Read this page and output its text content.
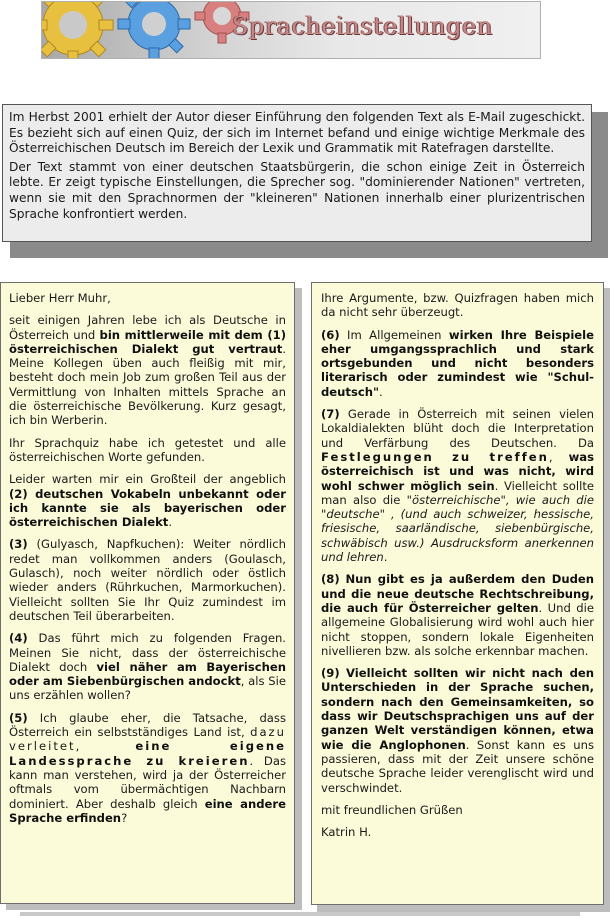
Spracheinstellungen

Im Herbst 2001 erhielt der Autor dieser Einführung den folgenden Text als E-Mail zugeschickt. Es bezieht sich auf einen Quiz, der sich im Internet befand und einige wichtige Merkmale des Österreichischen Deutsch im Bereich der Lexik und Grammatik mit Ratefragen darstellte.

Der Text stammt von einer deutschen Staatsbürgerin, die schon einige Zeit in Österreich lebte. Er zeigt typische Einstellungen, die Sprecher sog. "dominierender Nationen" vertreten, wenn sie mit den Sprachnormen der "kleineren" Nationen innerhalb einer plurizentrischen Sprache konfrontiert werden.

Lieber Herr Muhr,

seit einigen Jahren lebe ich als Deutsche in Österreich und bin mittlerweile mit dem (1) österreichischen Dialekt gut vertraut. Meine Kollegen üben auch fleißig mit mir, besteht doch mein Job zum großen Teil aus der Vermittlung von Inhalten mittels Sprache an die österreichische Bevölkerung. Kurz gesagt, ich bin Werberin.

Ihr Sprachquiz habe ich getestet und alle österreichischen Worte gefunden.

Leider warten mir ein Großteil der angeblich (2) deutschen Vokabeln unbekannt oder ich kannte sie als bayerischen oder österreichischen Dialekt.

(3) (Gulyasch, Napfkuchen): Weiter nördlich redet man vollkommen anders (Goulasch, Gulasch), noch weiter nördlich oder östlich wieder anders (Rührkuchen, Marmorkuchen). Vielleicht sollten Sie Ihr Quiz zumindest im deutschen Teil überarbeiten.

(4) Das führt mich zu folgenden Fragen. Meinen Sie nicht, dass der österreichische Dialekt doch viel näher am Bayerischen oder am Siebenbürgischen andockt, als Sie uns erzählen wollen?

(5) Ich glaube eher, die Tatsache, dass Österreich ein selbstständiges Land ist, dazu verleitet, eine eigene Landessprache zu kreieren. Das kann man verstehen, wird ja der Österreicher oftmals vom übermächtigen Nachbarn dominiert. Aber deshalb gleich eine andere Sprache erfinden?

Ihre Argumente, bzw. Quizfragen haben mich da nicht sehr überzeugt.

(6) Im Allgemeinen wirken Ihre Beispiele eher umgangssprachlich und stark ortsgebunden und nicht besonders literarisch oder zumindest wie "Schul-deutsch".

(7) Gerade in Österreich mit seinen vielen Lokaldialekten blüht doch die Interpretation und Verfärbung des Deutschen. Da Festlegungen zu treffen, was österreichisch ist und was nicht, wird wohl schwer möglich sein. Vielleicht sollte man also die "österreichische", wie auch die "deutsche" , (und auch schweizer, hessische, friesische, saarländische, siebenbürgische, schwäbisch usw.) Ausdrucksform anerkennen und lehren.

(8) Nun gibt es ja außerdem den Duden und die neue deutsche Rechtschreibung, die auch für Österreicher gelten. Und die allgemeine Globalisierung wird wohl auch hier nicht stoppen, sondern lokale Eigenheiten nivellieren bzw. als solche erkennbar machen.

(9) Vielleicht sollten wir nicht nach den Unterschieden in der Sprache suchen, sondern nach den Gemeinsamkeiten, so dass wir Deutschsprachigen uns auf der ganzen Welt verständigen können, etwa wie die Anglophonen. Sonst kann es uns passieren, dass mit der Zeit unsere schöne deutsche Sprache leider verenglischt wird und verschwindet.

mit freundlichen Grüßen

Katrin H.
